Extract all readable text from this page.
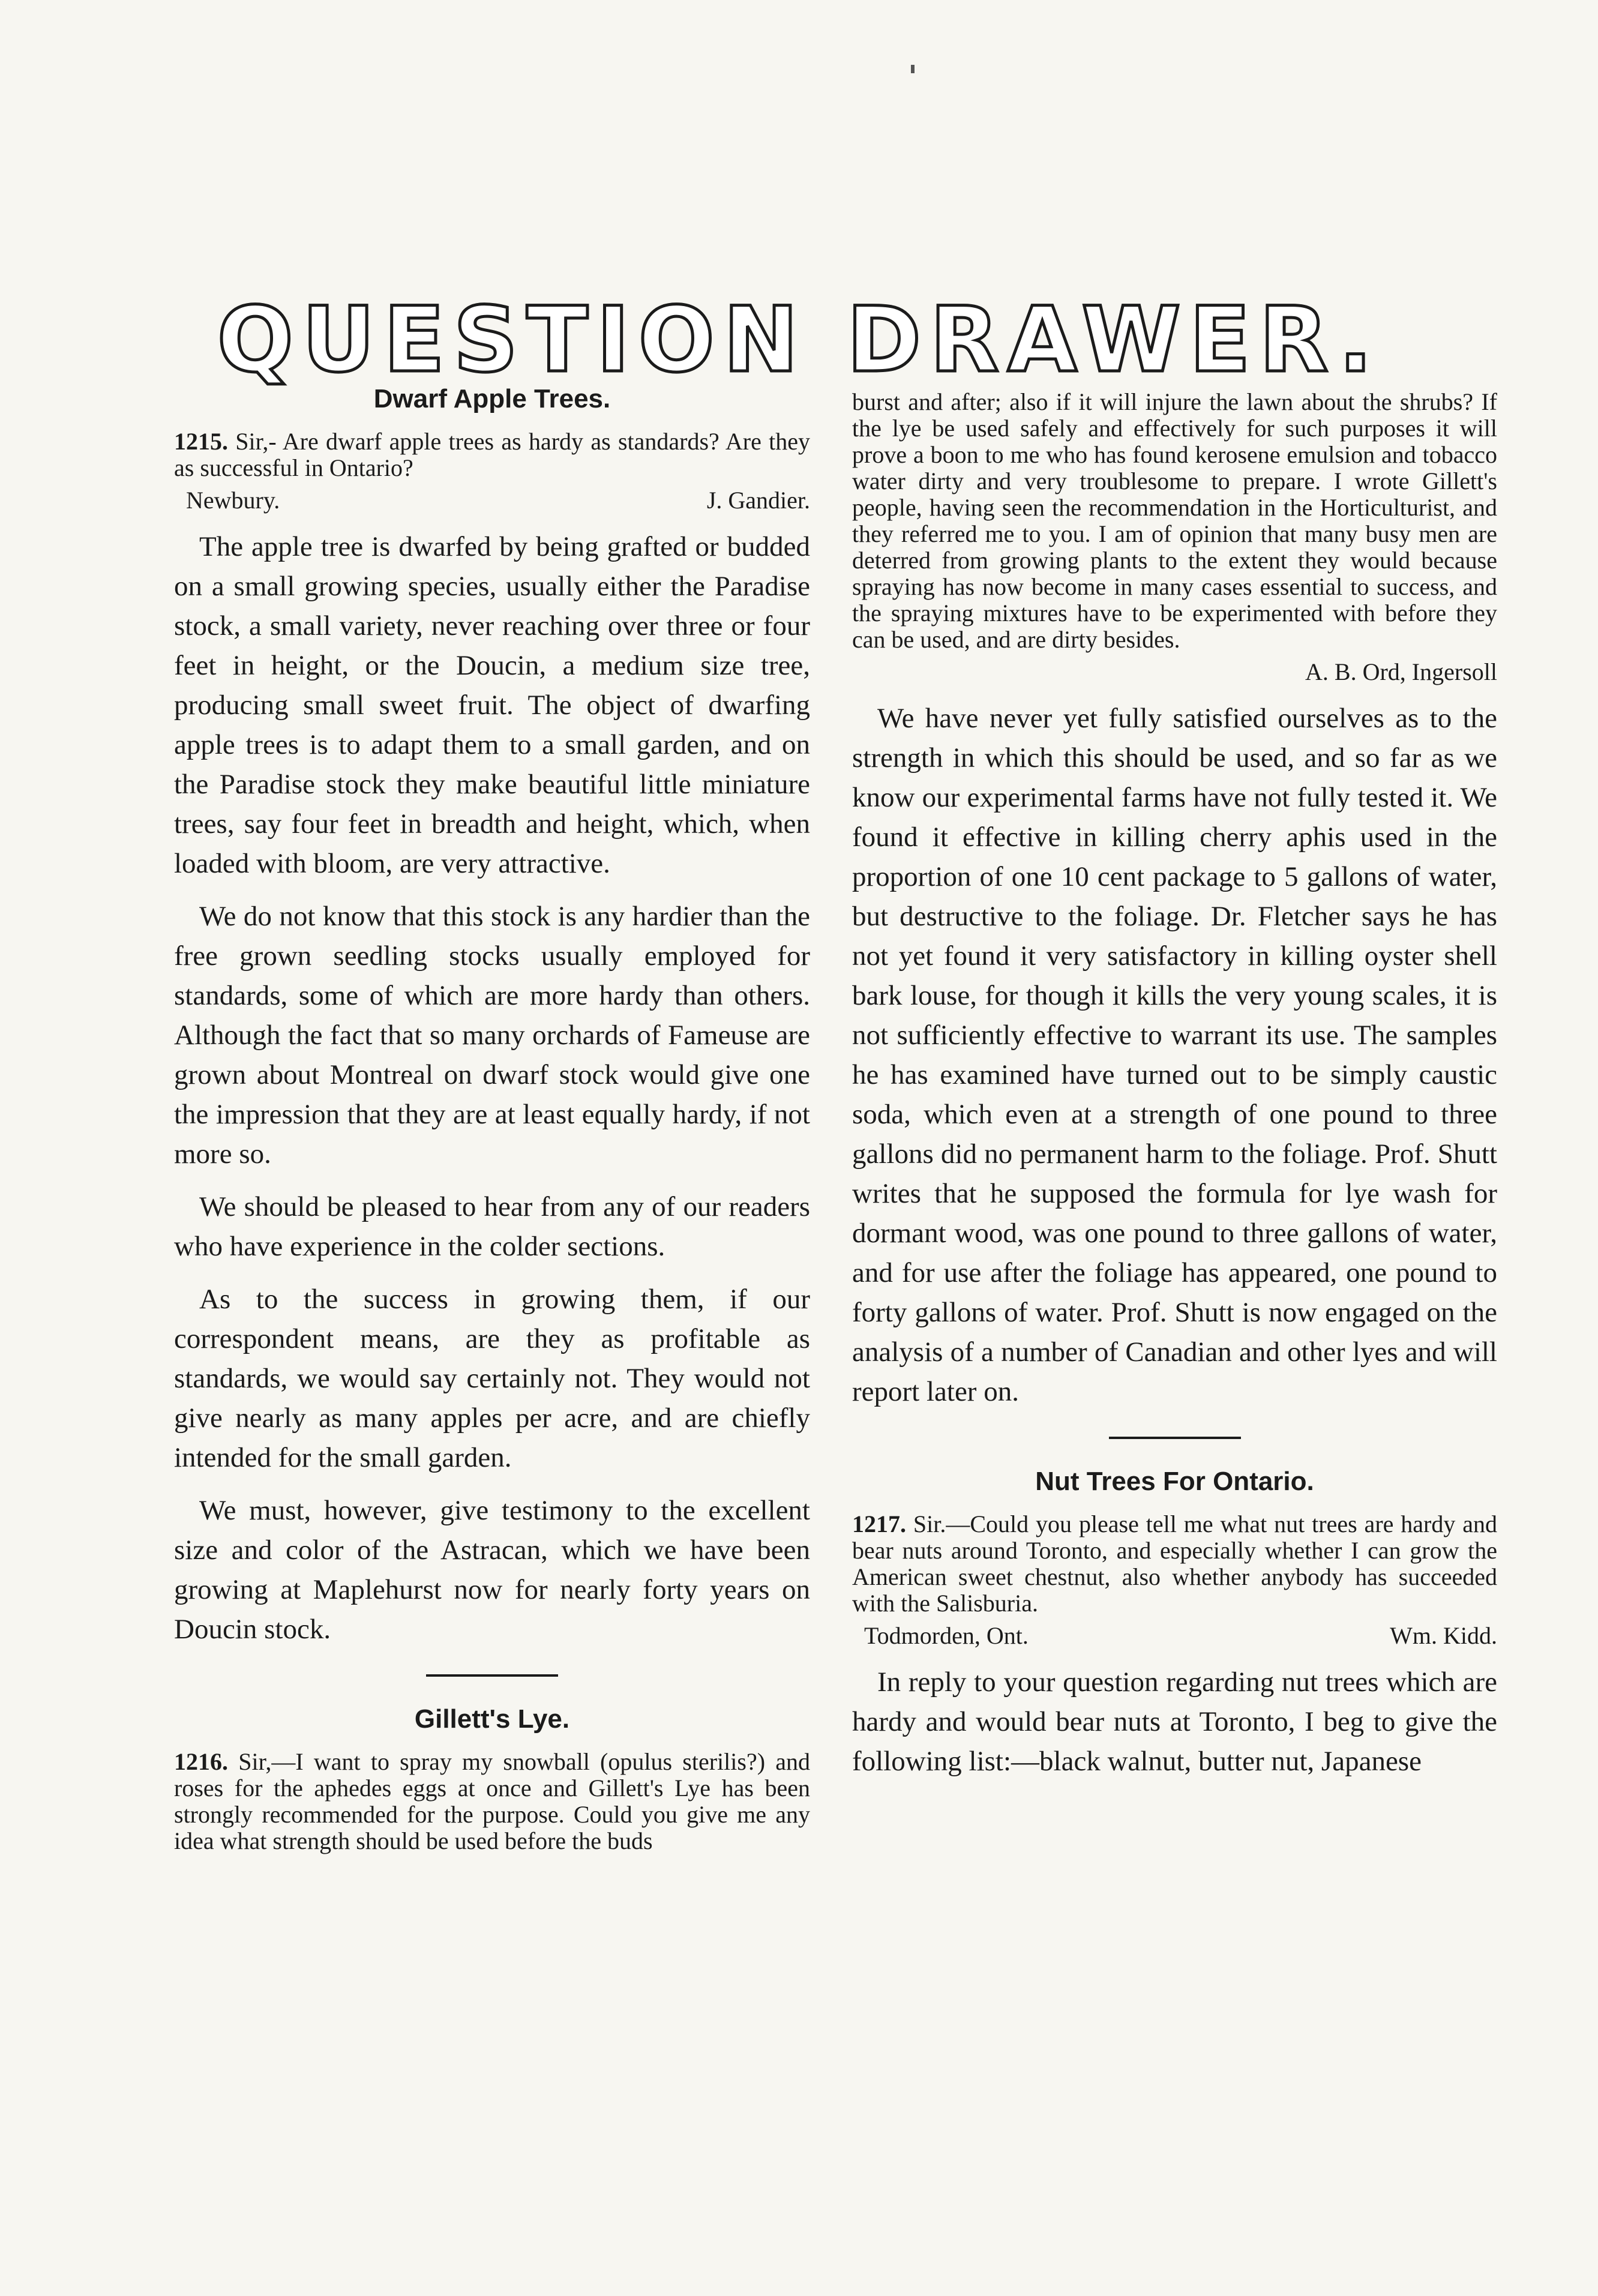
QUESTION DRAWER.
Dwarf Apple Trees.

1215. Sir,- Are dwarf apple trees as hardy as standards? Are they as successful in Ontario?

Newbury.	J. Gandier.

The apple tree is dwarfed by being grafted or budded on a small growing species, usually either the Paradise stock, a small variety, never reaching over three or four feet in height, or the Doucin, a medium size tree, producing small sweet fruit. The object of dwarfing apple trees is to adapt them to a small garden, and on the Paradise stock they make beautiful little miniature trees, say four feet in breadth and height, which, when loaded with bloom, are very attractive.

We do not know that this stock is any hardier than the free grown seedling stocks usually employed for standards, some of which are more hardy than others. Although the fact that so many orchards of Fameuse are grown about Montreal on dwarf stock would give one the impression that they are at least equally hardy, if not more so.

We should be pleased to hear from any of our readers who have experience in the colder sections.

As to the success in growing them, if our correspondent means, are they as profitable as standards, we would say certainly not. They would not give nearly as many apples per acre, and are chiefly intended for the small garden.

We must, however, give testimony to the excellent size and color of the Astracan, which we have been growing at Maplehurst now for nearly forty years on Doucin stock.

Gillett's Lye.

1216. Sir,—I want to spray my snowball (opulus sterilis?) and roses for the aphedes eggs at once and Gillett's Lye has been strongly recommended for the purpose. Could you give me any idea what strength should be used before the buds

burst and after; also if it will injure the lawn about the shrubs? If the lye be used safely and effectively for such purposes it will prove a boon to me who has found kerosene emulsion and tobacco water dirty and very troublesome to prepare. I wrote Gillett's people, having seen the recommendation in the Horticulturist, and they referred me to you. I am of opinion that many busy men are deterred from growing plants to the extent they would because spraying has now become in many cases essential to success, and the spraying mixtures have to be experimented with before they can be used, and are dirty besides.

A. B. Ord, Ingersoll

We have never yet fully satisfied ourselves as to the strength in which this should be used, and so far as we know our experimental farms have not fully tested it. We found it effective in killing cherry aphis used in the proportion of one 10 cent package to 5 gallons of water, but destructive to the foliage. Dr. Fletcher says he has not yet found it very satisfactory in killing oyster shell bark louse, for though it kills the very young scales, it is not sufficiently effective to warrant its use. The samples he has examined have turned out to be simply caustic soda, which even at a strength of one pound to three gallons did no permanent harm to the foliage. Prof. Shutt writes that he supposed the formula for lye wash for dormant wood, was one pound to three gallons of water, and for use after the foliage has appeared, one pound to forty gallons of water. Prof. Shutt is now engaged on the analysis of a number of Canadian and other lyes and will report later on.

Nut Trees For Ontario.

1217. Sir.—Could you please tell me what nut trees are hardy and bear nuts around Toronto, and especially whether I can grow the American sweet chestnut, also whether anybody has succeeded with the Salisburia.

Todmorden, Ont.	Wm. Kidd.

In reply to your question regarding nut trees which are hardy and would bear nuts at Toronto, I beg to give the following list:—black walnut, butter nut, Japanese
